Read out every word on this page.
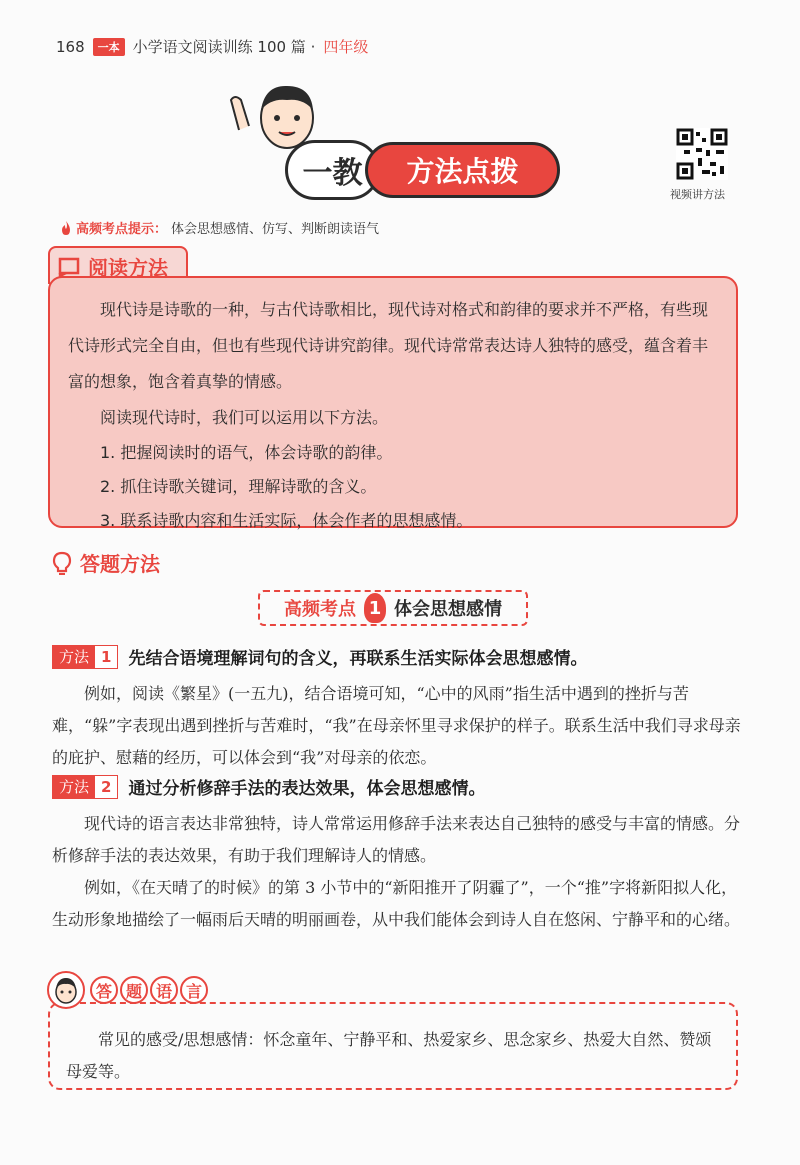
168	一本 小学语文阅读训练 100 篇 · 四年级
一教	方法点拨
视频讲方法
高频考点提示： 体会思想感情、仿写、判断朗读语气

现代诗是诗歌的一种，与古代诗歌相比，现代诗对格式和韵律的要求并不严格，有些现代诗形式完全自由，但也有些现代诗讲究韵律。现代诗常常表达诗人独特的感受，蕴含着丰富的想象，饱含着真挚的情感。

阅读现代诗时，我们可以运用以下方法。

1. 把握阅读时的语气，体会诗歌的韵律。

2. 抓住诗歌关键词，理解诗歌的含义。

3. 联系诗歌内容和生活实际，体会作者的思想感情。

阅读方法
答题方法
高频考点 1 体会思想感情
方法 1	先结合语境理解词句的含义，再联系生活实际体会思想感情。

例如，阅读《繁星》(一五九)，结合语境可知，“心中的风雨”指生活中遇到的挫折与苦难，“躲”字表现出遇到挫折与苦难时，“我”在母亲怀里寻求保护的样子。联系生活中我们寻求母亲的庇护、慰藉的经历，可以体会到“我”对母亲的依恋。

方法 2	通过分析修辞手法的表达效果，体会思想感情。

现代诗的语言表达非常独特，诗人常常运用修辞手法来表达自己独特的感受与丰富的情感。分析修辞手法的表达效果，有助于我们理解诗人的情感。

例如，《在天晴了的时候》的第 3 小节中的“新阳推开了阴霾了”，一个“推”字将新阳拟人化，生动形象地描绘了一幅雨后天晴的明丽画卷，从中我们能体会到诗人自在悠闲、宁静平和的心绪。

常见的感受/思想感情：怀念童年、宁静平和、热爱家乡、思念家乡、热爱大自然、赞颂母爱等。

答 题 语 言
